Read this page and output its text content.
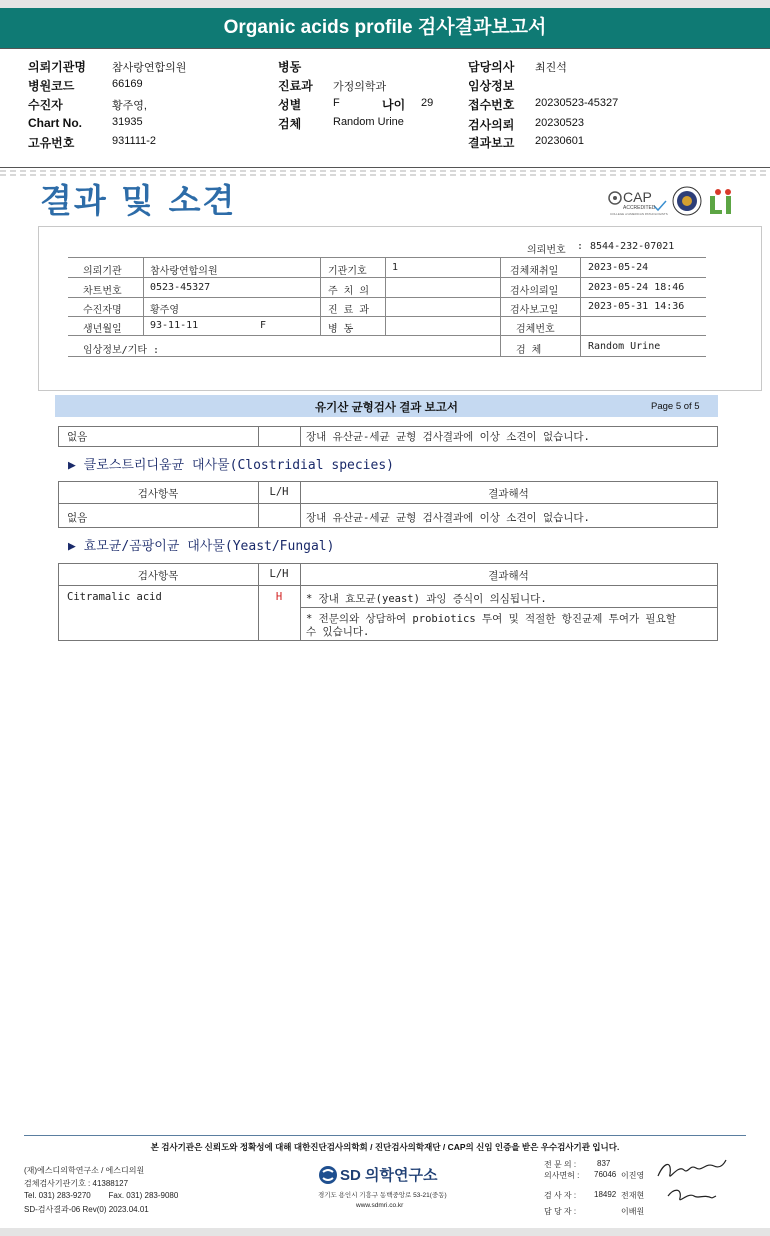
Organic acids profile 검사결과보고서
의뢰기관명 참사랑연합의원
병원코드	66169
수진자	황주영,
Chart No.	31935
고유번호	931111-2
병동
진료과 가정의학과
성별	F	나이 29
검체	Random Urine
담당의사 최진석
임상정보
접수번호 20230523-45327
검사의뢰 20230523
결과보고 20230601
결과 및 소견	CAP
ACCREDITED
COLLEGE of AMERICAN PATHOLOGISTS
의뢰번호 : 8544-232-07021
의뢰기관	참사랑연합의원	기관기호	1	검체채취일	2023-05-24
차트번호	0523-45327	주 치 의	검사의뢰일	2023-05-24 18:46
수진자명	황주영	진 료 과	검사보고일	2023-05-31 14:36
생년월일	93-11-11	F	병 동	검체번호
임상정보/기타 :	검 체	Random Urine
유기산 균형검사 결과 보고서	Page 5 of 5
없음	장내 유산균-세균 균형 검사결과에 이상 소견이 없습니다.
▶ 클로스트리디움균 대사물(Clostridial species)
검사항목	L/H	결과해석
없음	장내 유산균-세균 균형 검사결과에 이상 소견이 없습니다.
▶ 효모균/곰팡이균 대사물(Yeast/Fungal)
검사항목	L/H	결과해석
Citramalic acid	H	* 장내 효모균(yeast) 과잉 증식이 의심됩니다.
* 전문의와 상담하여 probiotics 투여 및 적절한 항진균제 투여가 필요할
수 있습니다.
본 검사기관은 신뢰도와 정확성에 대해 대한진단검사의학회 / 진단검사의학재단 / CAP의 신임 인증을 받은 우수검사기관 입니다.
(재)에스디의학연구소 / 에스디의원
검체검사기관기호 : 41388127
Tel. 031) 283-9270        Fax. 031) 283-9080
SD-검사결과-06 Rev(0) 2023.04.01
SD 의학연구소
경기도 용인시 기흥구 동백중앙로 53-21(중동)
www.sdmri.co.kr
전 문 의 :	837
의사면허 : 76046 이진영
검 사 자 : 18492 전재현
담 당 자 :	이배원
